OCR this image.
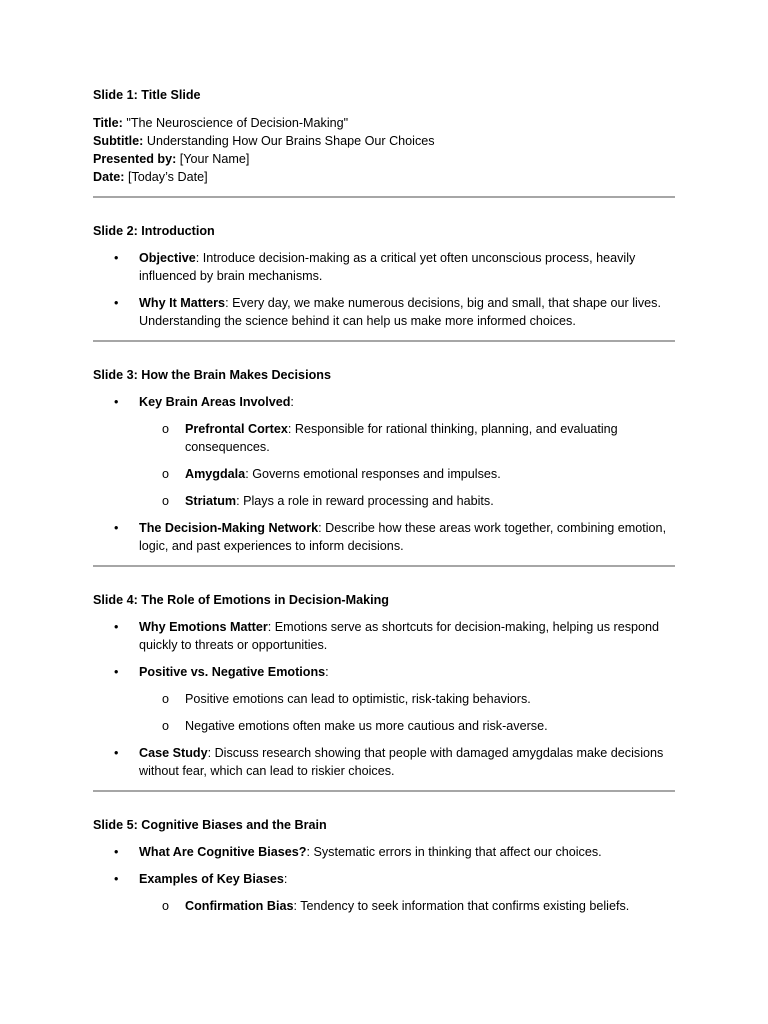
Slide 1: Title Slide

Title: "The Neuroscience of Decision-Making"

Subtitle: Understanding How Our Brains Shape Our Choices

Presented by: [Your Name]

Date: [Today’s Date]

Slide 2: Introduction

• Objective: Introduce decision-making as a critical yet often unconscious process, heavily influenced by brain mechanisms.
• Why It Matters: Every day, we make numerous decisions, big and small, that shape our lives. Understanding the science behind it can help us make more informed choices.

Slide 3: How the Brain Makes Decisions

• Key Brain Areas Involved:
o Prefrontal Cortex: Responsible for rational thinking, planning, and evaluating consequences.
o Amygdala: Governs emotional responses and impulses.
o Striatum: Plays a role in reward processing and habits.
• The Decision-Making Network: Describe how these areas work together, combining emotion, logic, and past experiences to inform decisions.

Slide 4: The Role of Emotions in Decision-Making

• Why Emotions Matter: Emotions serve as shortcuts for decision-making, helping us respond quickly to threats or opportunities.
• Positive vs. Negative Emotions:
o Positive emotions can lead to optimistic, risk-taking behaviors.
o Negative emotions often make us more cautious and risk-averse.
• Case Study: Discuss research showing that people with damaged amygdalas make decisions without fear, which can lead to riskier choices.

Slide 5: Cognitive Biases and the Brain

• What Are Cognitive Biases?: Systematic errors in thinking that affect our choices.
• Examples of Key Biases:
o Confirmation Bias: Tendency to seek information that confirms existing beliefs.
